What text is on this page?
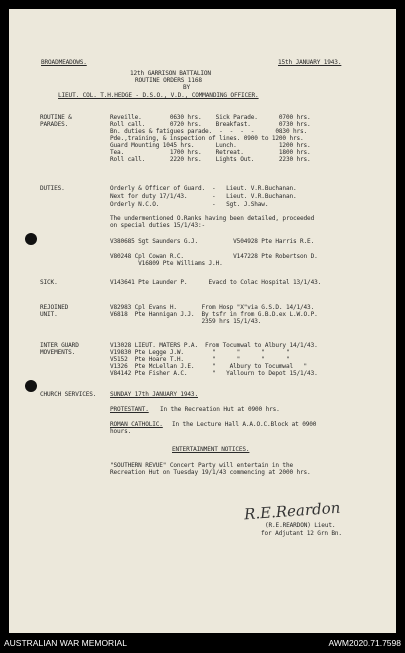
BROADMEADOWS.	15th JANUARY 1943.
12th GARRISON BATTALION
ROUTINE ORDERS 1168
BY
LIEUT. COL. T.H.HEDGE - D.S.O., V.D., COMMANDING OFFICER.
ROUTINE &
PARADES.
Reveille.        0630 hrs.    Sick Parade.      0700 hrs.
Roll call.       0720 hrs.    Breakfast.        0730 hrs.
Bn. duties & fatigues parade.  -  -  -  -      0830 hrs.
Pde.,training, & inspection of lines. 0900 to 1200 hrs.
Guard Mounting 1045 hrs.      Lunch.            1200 hrs.
Tea.             1700 hrs.    Retreat.          1800 hrs.
Roll call.       2220 hrs.    Lights Out.       2230 hrs.
DUTIES.	Orderly & Officer of Guard.  -   Lieut. V.R.Buchanan.
Next for duty 17/1/43.       -   Lieut. V.R.Buchanan.
Orderly N.C.O.               -   Sgt. J.Shaw.
The undermentioned O.Ranks having been detailed, proceeded
on special duties 15/1/43:-
V380685 Sgt Saunders G.J.          V504928 Pte Harris R.E.
V80248 Cpl Cowan R.C.              V147228 Pte Robertson D.
V16809 Pte Williams J.H.
SICK.	V143641 Pte Launder P.      Evacd to Colac Hospital 13/1/43.
REJOINED
UNIT.
V82983 Cpl Evans H.       From Hosp "X"via G.S.D. 14/1/43.
V6818  Pte Hannigan J.J.  By tsfr in from G.B.D.ex L.W.O.P.
2359 hrs 15/1/43.
INTER GUARD
MOVEMENTS.
V13028 LIEUT. MATERS P.A.  From Tocumwal to Albury 14/1/43.
V19830 Pte Legge J.W.        "      "      "      "
V5152  Pte Hoare T.H.        "      "      "      "
V1326  Pte McLellan J.E.     "    Albury to Tocumwal   "
V84142 Pte Fisher A.C.       "   Yallourn to Depot 15/1/43.
CHURCH SERVICES. SUNDAY 17th JANUARY 1943.
PROTESTANT. In the Recreation Hut at 0900 hrs.
ROMAN CATHOLIC. In the Lecture Hall A.A.O.C.Block at 0900
hours.
ENTERTAINMENT NOTICES.
"SOUTHERN REVUE" Concert Party will entertain in the
Recreation Hut on Tuesday 19/1/43 commencing at 2000 hrs.
R.E.Reardon
(R.E.REARDON) Lieut.
for Adjutant 12 Grn Bn.
AUSTRALIAN WAR MEMORIAL	AWM2020.71.7598
